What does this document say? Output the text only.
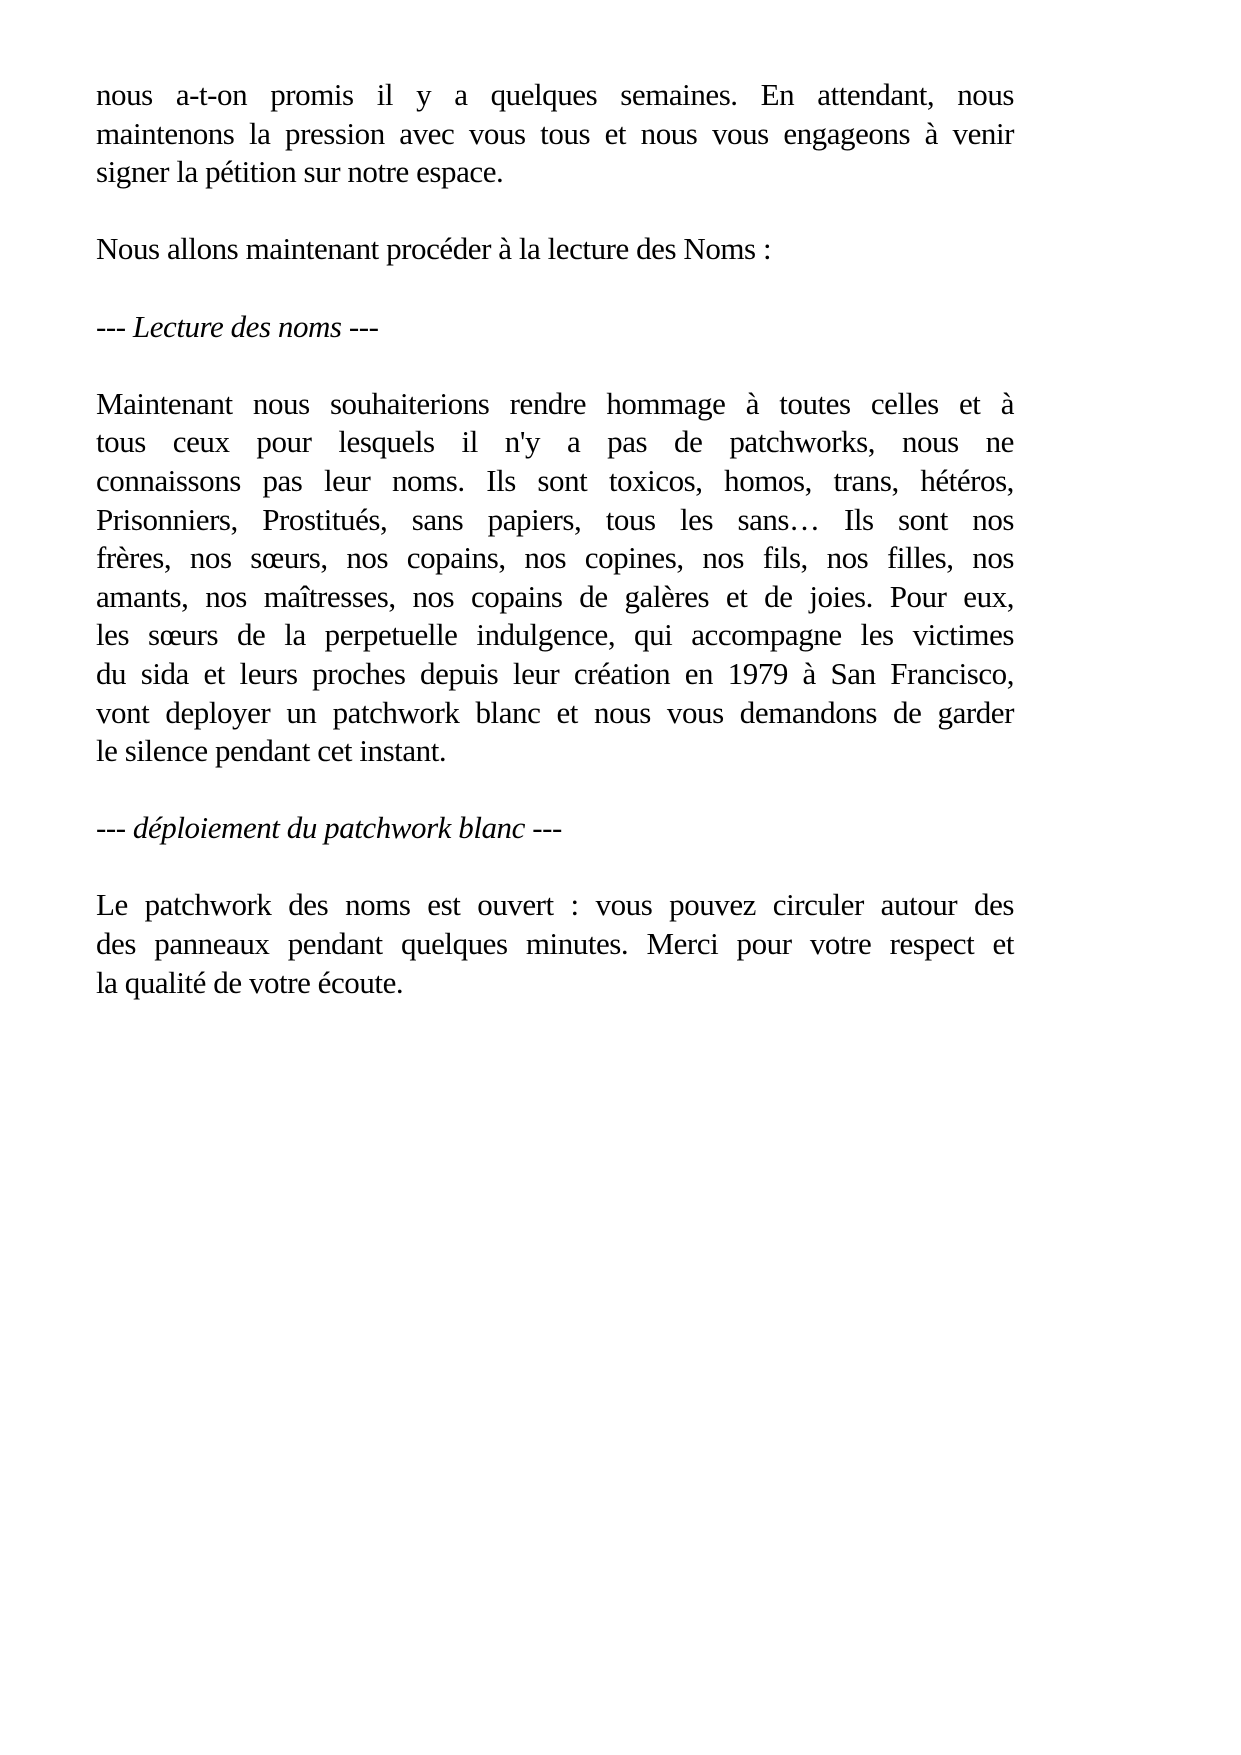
nous a-t-on promis il y a quelques semaines. En attendant, nous
maintenons la pression avec vous tous et nous vous engageons à venir
signer la pétition sur notre espace.

Nous allons maintenant procéder à la lecture des Noms :

--- Lecture des noms ---

Maintenant nous souhaiterions rendre hommage à toutes celles et à
tous ceux pour lesquels il n'y a pas de patchworks, nous ne
connaissons pas leur noms. Ils sont toxicos, homos, trans, hétéros,
Prisonniers, Prostitués, sans papiers, tous les sans… Ils sont nos
frères, nos sœurs, nos copains, nos copines, nos fils, nos filles, nos
amants, nos maîtresses, nos copains de galères et de joies. Pour eux,
les sœurs de la perpetuelle indulgence, qui accompagne les victimes
du sida et leurs proches depuis leur création en 1979 à San Francisco,
vont deployer un patchwork blanc et nous vous demandons de garder
le silence pendant cet instant.

--- déploiement du patchwork blanc ---

Le patchwork des noms est ouvert : vous pouvez circuler autour des
des panneaux pendant quelques minutes. Merci pour votre respect et
la qualité de votre écoute.
